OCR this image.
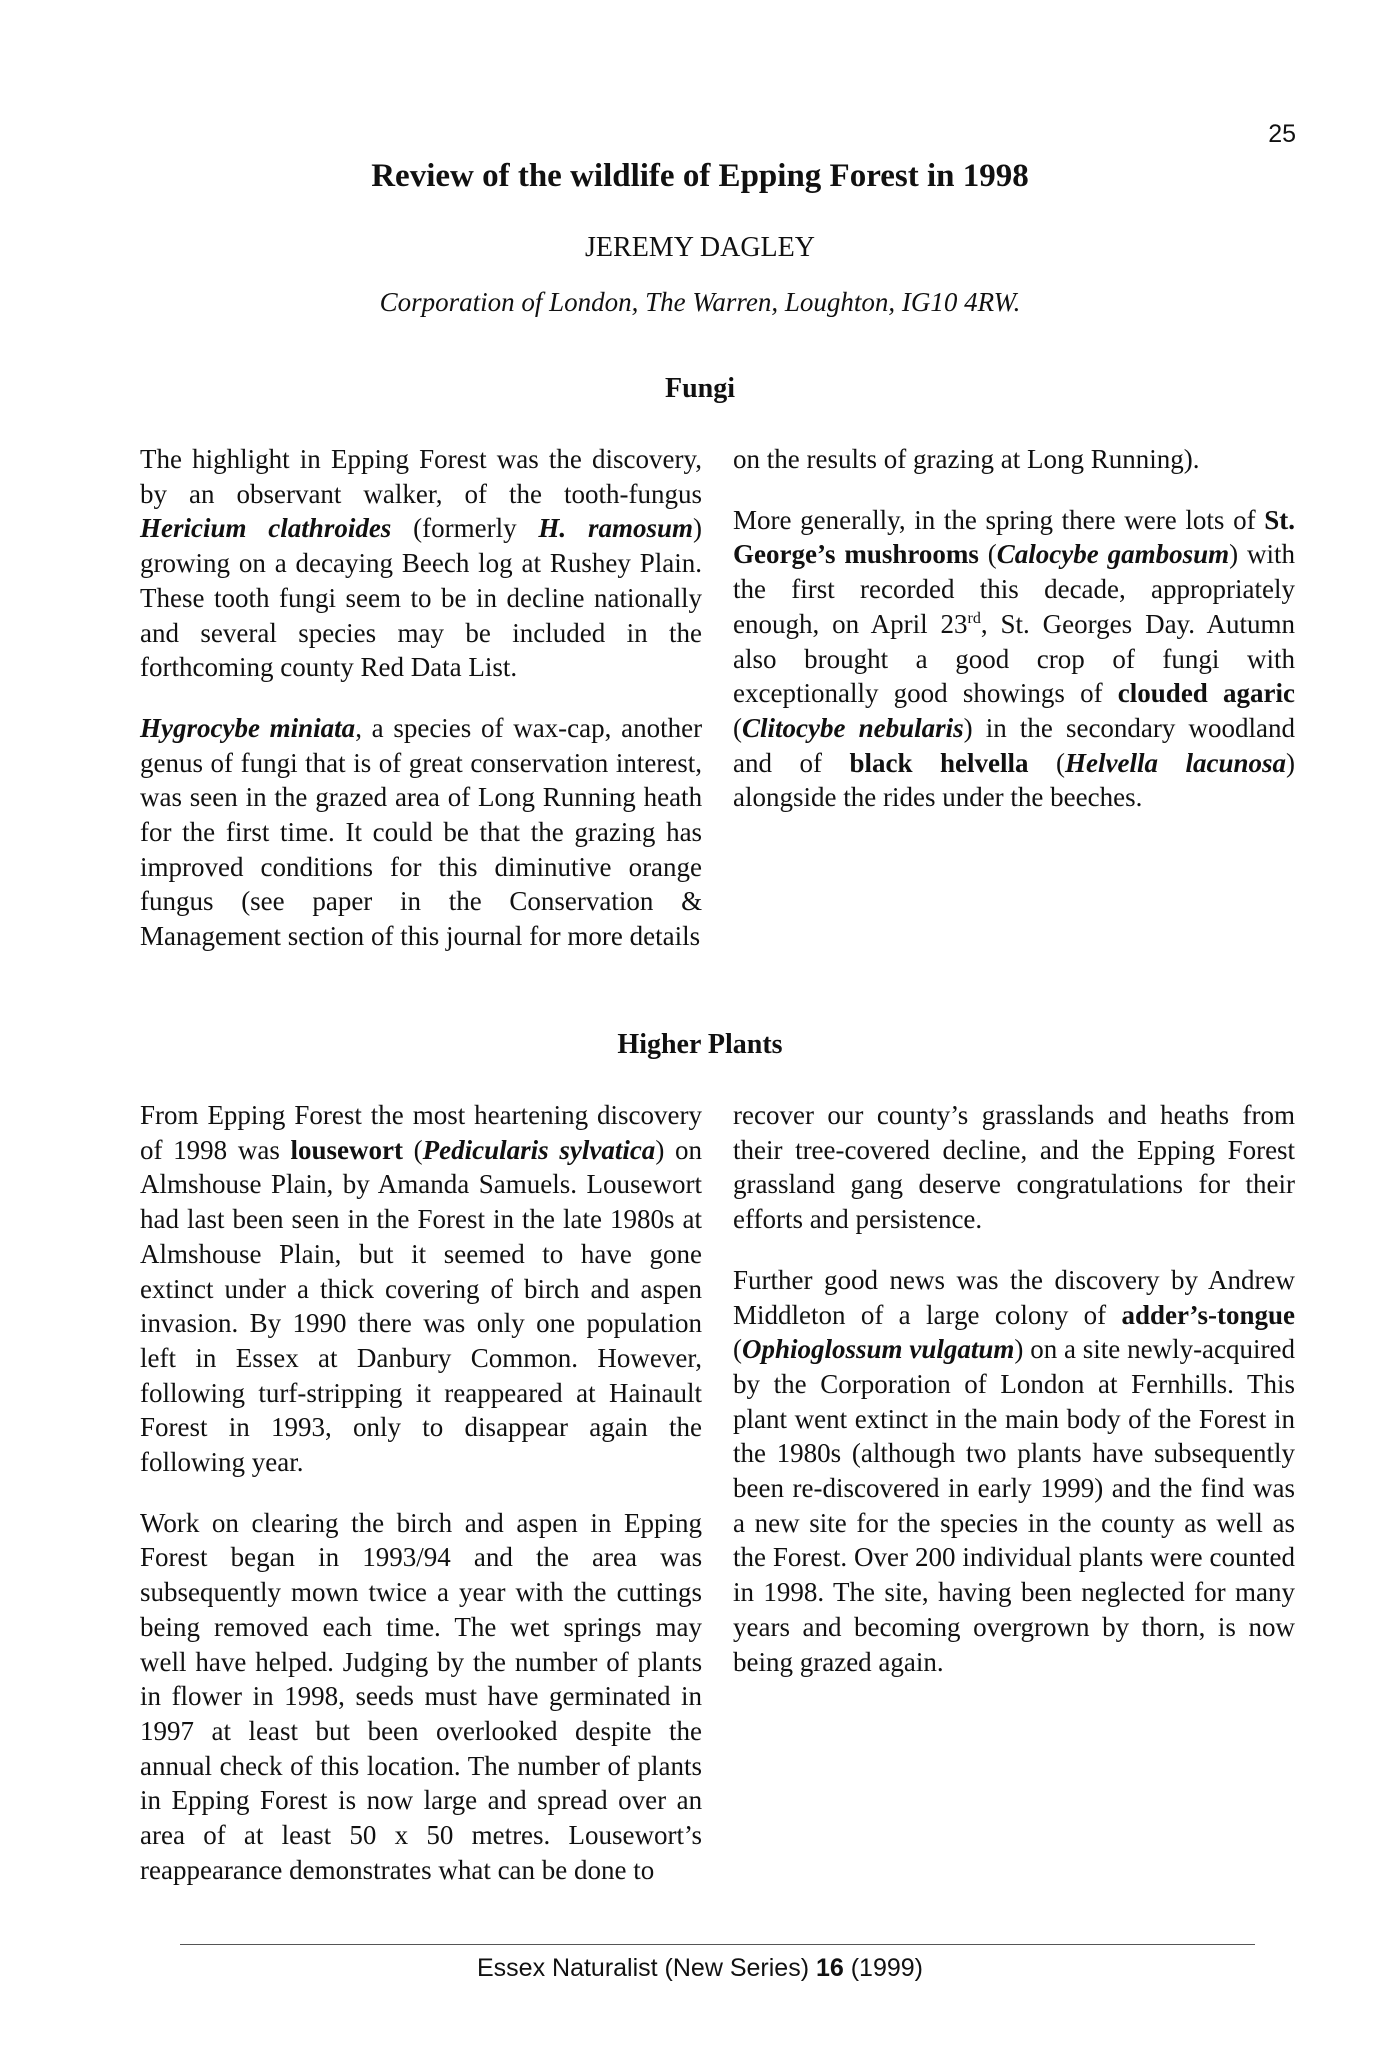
25
Review of the wildlife of Epping Forest in 1998
JEREMY DAGLEY
Corporation of London, The Warren, Loughton, IG10 4RW.
Fungi

The highlight in Epping Forest was the discovery, by an observant walker, of the tooth-fungus Hericium clathroides (formerly H. ramosum) growing on a decaying Beech log at Rushey Plain. These tooth fungi seem to be in decline nationally and several species may be included in the forthcoming county Red Data List.

Hygrocybe miniata, a species of wax-cap, another genus of fungi that is of great conservation interest, was seen in the grazed area of Long Running heath for the first time. It could be that the grazing has improved conditions for this diminutive orange fungus (see paper in the Conservation & Management section of this journal for more details

on the results of grazing at Long Running).

More generally, in the spring there were lots of St. George’s mushrooms (Calocybe gambosum) with the first recorded this decade, appropriately enough, on April 23rd, St. Georges Day. Autumn also brought a good crop of fungi with exceptionally good showings of clouded agaric (Clitocybe nebularis) in the secondary woodland and of black helvella (Helvella lacunosa) alongside the rides under the beeches.

Higher Plants

From Epping Forest the most heartening discovery of 1998 was lousewort (Pedicularis sylvatica) on Almshouse Plain, by Amanda Samuels. Lousewort had last been seen in the Forest in the late 1980s at Almshouse Plain, but it seemed to have gone extinct under a thick covering of birch and aspen invasion. By 1990 there was only one population left in Essex at Danbury Common. However, following turf-stripping it reappeared at Hainault Forest in 1993, only to disappear again the following year.

Work on clearing the birch and aspen in Epping Forest began in 1993/94 and the area was subsequently mown twice a year with the cuttings being removed each time. The wet springs may well have helped. Judging by the number of plants in flower in 1998, seeds must have germinated in 1997 at least but been overlooked despite the annual check of this location. The number of plants in Epping Forest is now large and spread over an area of at least 50 x 50 metres. Lousewort’s reappearance demonstrates what can be done to

recover our county’s grasslands and heaths from their tree-covered decline, and the Epping Forest grassland gang deserve congratulations for their efforts and persistence.

Further good news was the discovery by Andrew Middleton of a large colony of adder’s-tongue (Ophioglossum vulgatum) on a site newly-acquired by the Corporation of London at Fernhills. This plant went extinct in the main body of the Forest in the 1980s (although two plants have subsequently been re-discovered in early 1999) and the find was a new site for the species in the county as well as the Forest. Over 200 individual plants were counted in 1998. The site, having been neglected for many years and becoming overgrown by thorn, is now being grazed again.

Essex Naturalist (New Series) 16 (1999)
